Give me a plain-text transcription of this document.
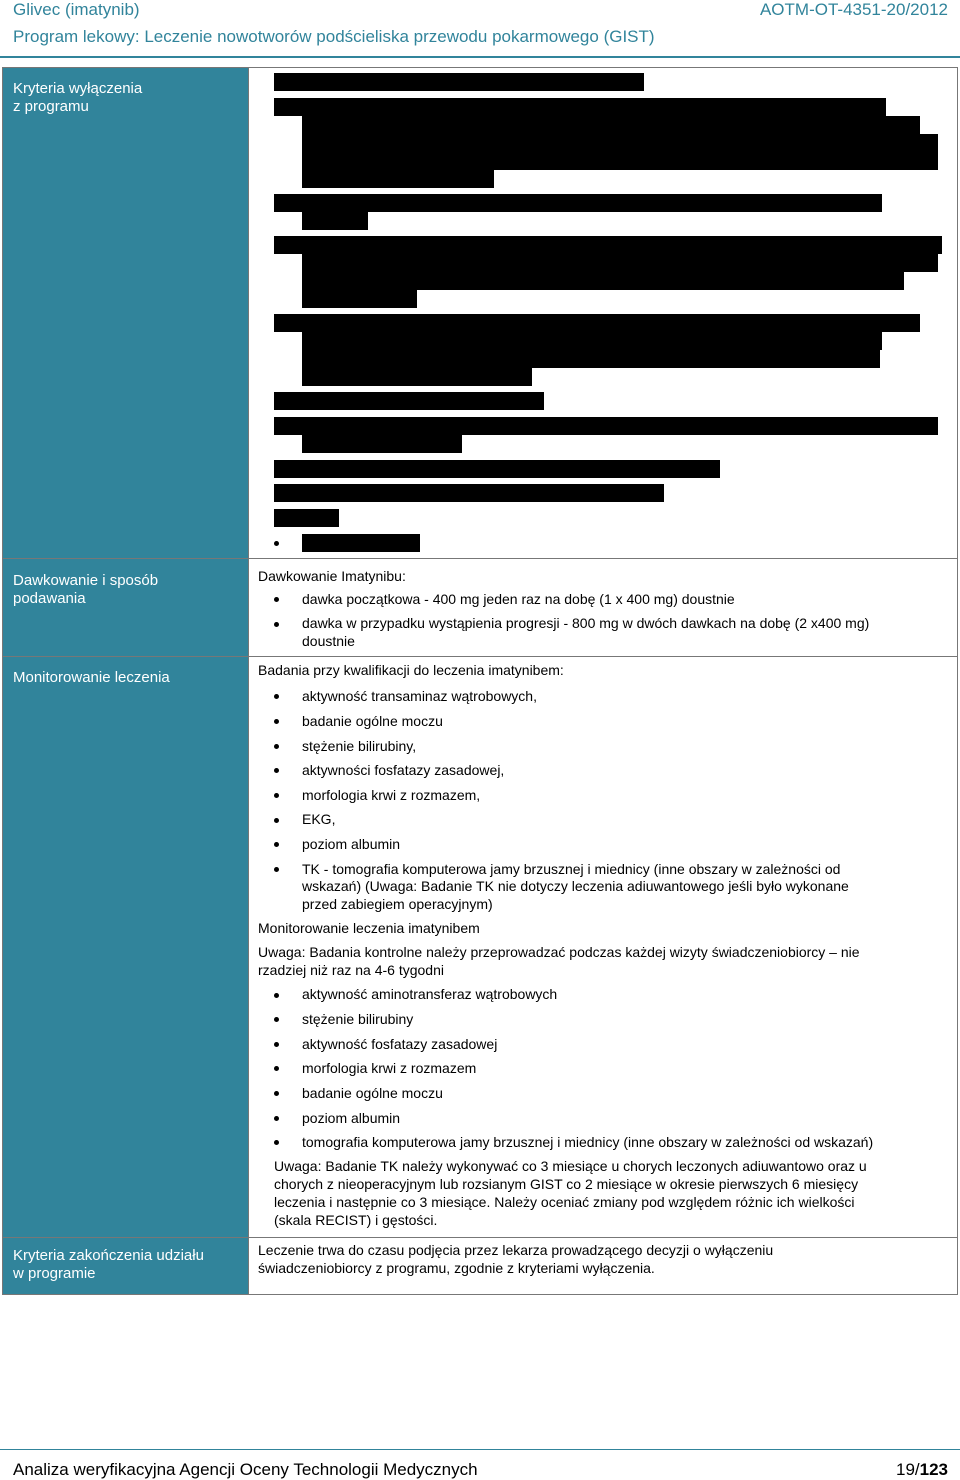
Glivec (imatynib)	AOTM-OT-4351-20/2012
Program lekowy: Leczenie nowotworów podścieliska przewodu pokarmowego (GIST)
Kryteria wyłączenia
z programu
Dawkowanie i sposób
podawania
Monitorowanie leczenia
Kryteria zakończenia udziału
w programie
Dawkowanie Imatynibu:
dawka początkowa - 400 mg jeden raz na dobę (1 x 400 mg) doustnie
dawka w przypadku wystąpienia progresji - 800 mg w dwóch dawkach na dobę (2 x400 mg)
doustnie
Badania przy kwalifikacji do leczenia imatynibem:
aktywność transaminaz wątrobowych,
badanie ogólne moczu
stężenie bilirubiny,
aktywności fosfatazy zasadowej,
morfologia krwi z rozmazem,
EKG,
poziom albumin
TK - tomografia komputerowa jamy brzusznej i miednicy (inne obszary w zależności od
wskazań) (Uwaga: Badanie TK nie dotyczy leczenia adiuwantowego jeśli było wykonane
przed zabiegiem operacyjnym)
Monitorowanie leczenia imatynibem
Uwaga: Badania kontrolne należy przeprowadzać podczas każdej wizyty świadczeniobiorcy – nie
rzadziej niż raz na 4-6 tygodni
aktywność aminotransferaz wątrobowych
stężenie bilirubiny
aktywność fosfatazy zasadowej
morfologia krwi z rozmazem
badanie ogólne moczu
poziom albumin
tomografia komputerowa jamy brzusznej i miednicy (inne obszary w zależności od wskazań)
Uwaga: Badanie TK należy wykonywać co 3 miesiące u chorych leczonych adiuwantowo oraz u
chorych z nieoperacyjnym lub rozsianym GIST co 2 miesiące w okresie pierwszych 6 miesięcy
leczenia i następnie co 3 miesiące. Należy oceniać zmiany pod względem różnic ich wielkości
(skala RECIST) i gęstości.
Leczenie trwa do czasu podjęcia przez lekarza prowadzącego decyzji o wyłączeniu
świadczeniobiorcy z programu, zgodnie z kryteriami wyłączenia.
Analiza weryfikacyjna Agencji Oceny Technologii Medycznych	19/123
